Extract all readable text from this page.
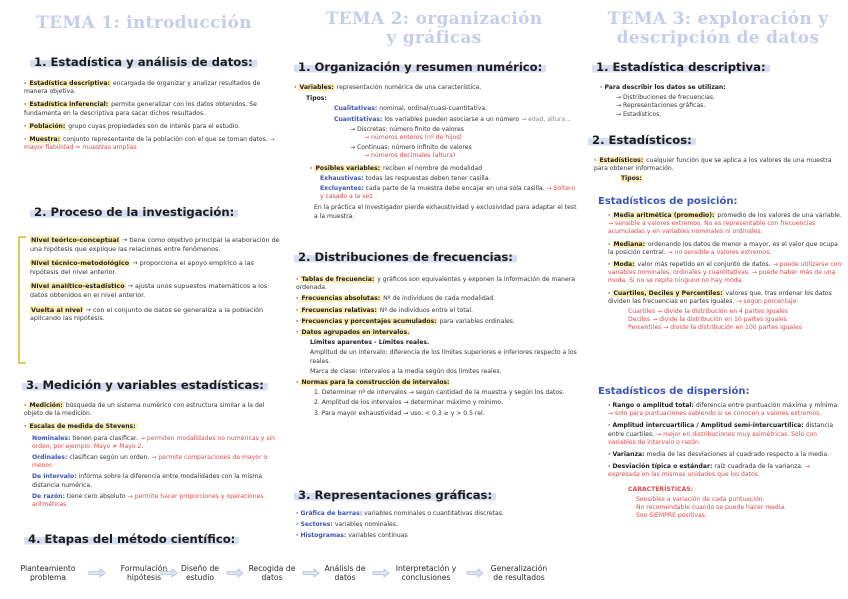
TEMA 1: introducción
1. Estadística y análisis de datos:

· Estadística descriptiva: encargada de organizar y analizar resultados de manera objetiva.

· Estadística inferencial: permite generalizar con los datos obtenidos. Se fundamenta en la descriptiva para sacar dichos resultados.

· Población: grupo cuyas propiedades son de interés para el estudio.

· Muestra: conjunto representante de la población con el que se toman datos. → mayor fiabilidad = muestras amplias

2. Proceso de la investigación:

Nivel teórico-conceptual → tiene como objetivo principal la elaboración de una hipótesis que explique las relaciones entre fenómenos.

Nivel técnico-metodológico → proporciona el apoyo empírico a las hipótesis del nivel anterior.

Nivel analítico-estadístico → ajusta unos supuestos matemáticos a los datos obtenidos en el nivel anterior.

Vuelta al nivel → con el conjunto de datos se generaliza a la población aplicando las hipótesis.

3. Medición y variables estadísticas:

· Medición: búsqueda de un sistema numérico con estructura similar a la del objeto de la medición.

· Escalas de medida de Stevens:

Nominales: tienen para clasificar. → permiten modalidades no numéricas y sin orden, por ejemplo: Mayo ≠ Mayo 2.

Ordinales: clasifican según un orden. → permite comparaciones de mayor o menor.

De intervalo: informa sobre la diferencia entre modalidades con la misma distancia numérica.

De razón: tiene cero absoluto → permite hacer proporciones y operaciones aritméticas.

4. Etapas del método científico:
Planteamiento problema
Formulación hipótesis
Diseño de estudio
Recogida de datos
Análisis de datos
Interpretación y conclusiones
Generalización de resultados
TEMA 2: organización
y gráficas
1. Organización y resumen numérico:

· Variables: representación numérica de una característica.

Tipos:

Cualitativas: nominal, ordinal/cuasi-cuantitativa.

Cuantitativas: los variables pueden asociarse a un número → edad, altura...

→ Discretas: número finito de valores

→ números enteros (nº de hijos)

→ Continuas: número infinito de valores

→ números decimales (altura)

· Posibles variables: reciben el nombre de modalidad

Exhaustivas: todas las respuestas deben tener casilla.

Excluyentes: cada parte de la muestra debe encajar en una sola casilla. → Soltero y casado a la vez

En la práctica el investigador pierde exhaustividad y exclusividad para adaptar el test a la muestra.

2. Distribuciones de frecuencias:

· Tablas de frecuencia: y gráficos son equivalentes y exponen la información de manera ordenada.

· Frecuencias absolutas: Nº de individuos de cada modalidad.

· Frecuencias relativas: Nº de individuos entre el total.

· Frecuencias y porcentajes acumulados: para variables ordinales.

· Datos agrupados en intervalos.

Límites aparentes - Límites reales.

Amplitud de un intervalo: diferencia de los límites superiores e inferiores respecto a los reales.

Marca de clase: intervalos a la media según dos límites reales.

· Normas para la construcción de intervalos:

1. Determinar nº de intervalos → según cantidad de la muestra y según los datos.

2. Amplitud de los intervalos → determinar máximo y mínimo.

3. Para mayor exhaustividad → uso: < 0.3 ≥ y > 0.5 rel.

3. Representaciones gráficas:

· Gráfica de barras: variables nominales o cuantitativas discretas.

· Sectores: variables nominales.

· Histogramas: variables continuas

TEMA 3: exploración y
descripción de datos
1. Estadística descriptiva:

· Para describir los datos se utilizan:

→ Distribuciones de frecuencias.

→ Representaciones gráficas.

→ Estadísticos.

2. Estadísticos:

· Estadísticos: cualquier función que se aplica a los valores de una muestra para obtener información.

Tipos:

Estadísticos de posición:

· Media aritmética (promedio): promedio de los valores de una variable. → sensible a valores extremos. No es representable con frecuencias acumuladas y en variables nominales ni ordinales.

· Mediana: ordenando los datos de menor a mayor, es el valor que ocupa la posición central. → no sensible a valores extremos.

· Moda: valor más repetido en el conjunto de datos. → puede utilizarse con variables nominales, ordinales y cuantitativas. → puede haber más de una moda. Si no se repite ninguno no hay moda.

· Cuartiles, Deciles y Percentiles: valores que, tras ordenar los datos dividen las frecuencias en partes iguales. → según porcentaje:

Cuartiles → divide la distribución en 4 partes iguales

Deciles → divide la distribución en 10 partes iguales

Percentiles → divide la distribución en 100 partes iguales

Estadísticos de dispersión:

· Rango o amplitud total: diferencia entre puntuación máxima y mínima. → solo para puntuaciones sabiendo si se conocen a valores extremos.

· Amplitud intercuartílica / Amplitud semi-intercuartílica: distancia entre cuartiles. → mejor en distribuciones muy asimétricas. Solo con variables de intervalo o razón.

· Varianza: media de las desviaciones al cuadrado respecto a la media.

· Desviación típica o estándar: raíz cuadrada de la varianza. → expresada en las mismas unidades que los datos.

CARACTERÍSTICAS:

Sensibles a variación de cada puntuación.

No recomendable cuando se puede hacer media.

Son SIEMPRE positivas.
